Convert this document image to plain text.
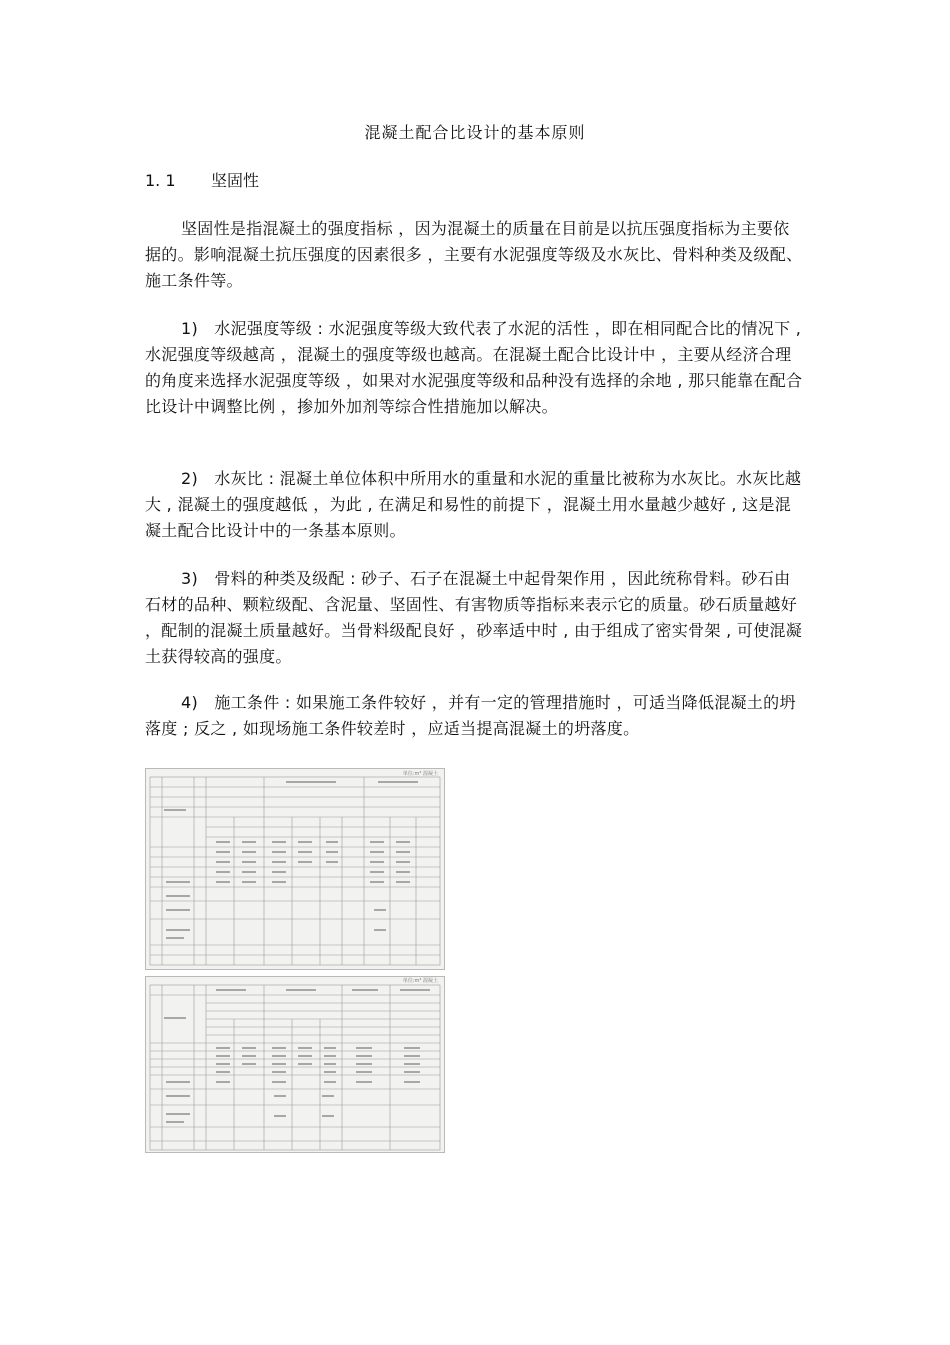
混凝土配合比设计的基本原则
1. 1 坚固性

坚固性是指混凝土的强度指标 ，因为混凝土的质量在目前是以抗压强度指标为主要依据的。影响混凝土抗压强度的因素很多 ，主要有水泥强度等级及水灰比、骨料种类及级配、施工条件等。

1)　水泥强度等级 : 水泥强度等级大致代表了水泥的活性 ，即在相同配合比的情况下 , 水泥强度等级越高 ，混凝土的强度等级也越高。在混凝土配合比设计中 ，主要从经济合理的角度来选择水泥强度等级 ，如果对水泥强度等级和品种没有选择的余地 , 那只能靠在配合比设计中调整比例 ，掺加外加剂等综合性措施加以解决。

2)　水灰比 : 混凝土单位体积中所用水的重量和水泥的重量比被称为水灰比。水灰比越大 , 混凝土的强度越低 ，为此 , 在满足和易性的前提下 ，混凝土用水量越少越好 , 这是混凝土配合比设计中的一条基本原则。

3)　骨料的种类及级配 : 砂子、石子在混凝土中起骨架作用 ，因此统称骨料。砂石由石材的品种、颗粒级配、含泥量、坚固性、有害物质等指标来表示它的质量。砂石质量越好 ，配制的混凝土质量越好。当骨料级配良好 ，砂率适中时 , 由于组成了密实骨架 , 可使混凝土获得较高的强度。

4)　施工条件 : 如果施工条件较好 ，并有一定的管理措施时 ，可适当降低混凝土的坍落度 ; 反之 , 如现场施工条件较差时 ，应适当提高混凝土的坍落度。

单位:m³ 混凝土
单位:m³ 混凝土
